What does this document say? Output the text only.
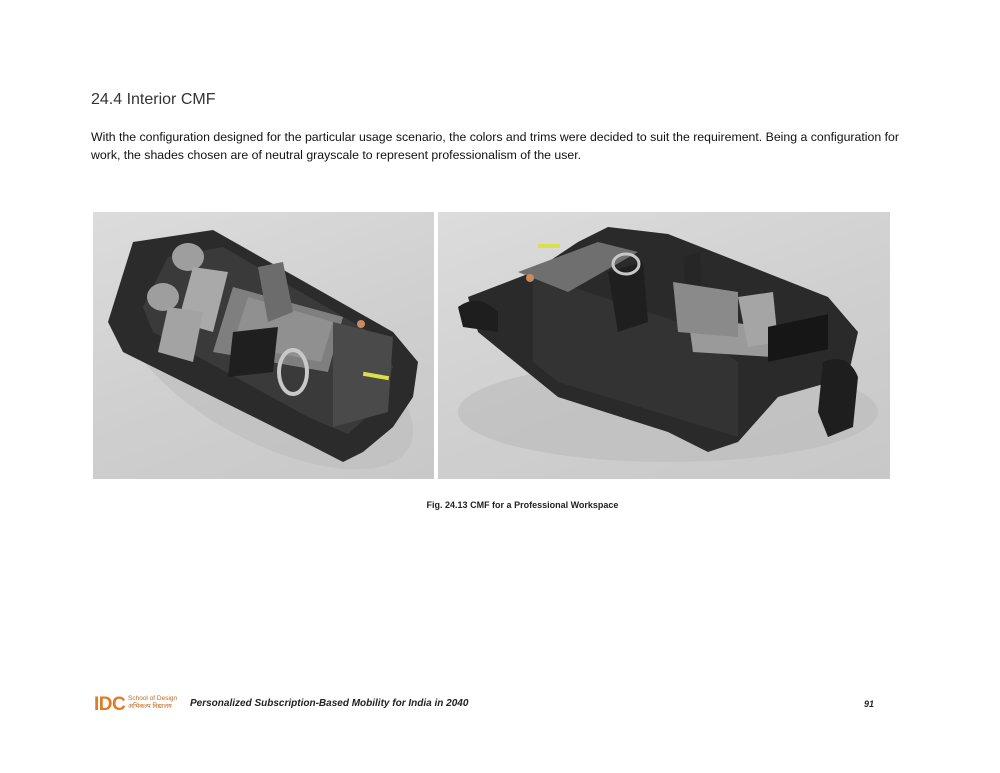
24.4 Interior CMF
With the configuration designed for the particular usage scenario, the colors and trims were decided to suit the requirement. Being a configuration for work, the shades chosen are of neutral grayscale to represent professionalism of the user.
Fig. 24.13 CMF for a Professional Workspace
IDC School of Design
अभिकल्प विद्यालय	Personalized Subscription-Based Mobility for India in 2040	91
